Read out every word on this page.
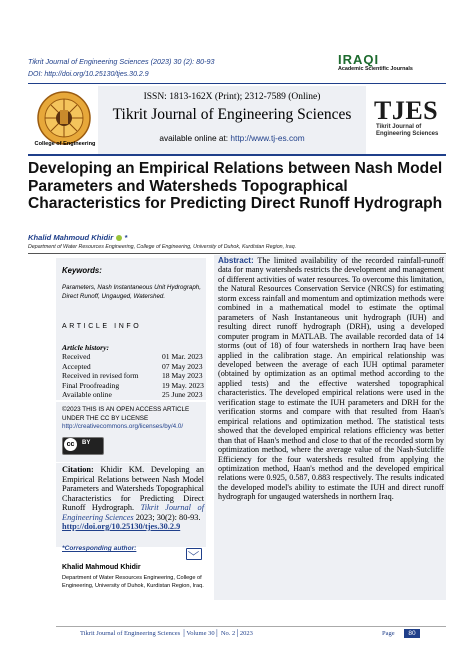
Tikrit Journal of Engineering Sciences (2023) 30 (2): 80-93
DOI: http://doi.org/10.25130/tjes.30.2.9
IRAQI
Academic Scientific Journals
College of Engineering
ISSN: 1813-162X (Print); 2312-7589 (Online)
Tikrit Journal of Engineering Sciences
available online at: http://www.tj-es.com
TJES
Tikrit Journal of Engineering Sciences
Developing an Empirical Relations between Nash Model Parameters and Watersheds Topographical Characteristics for Predicting Direct Runoff Hydrograph
Khalid Mahmoud Khidir *
Department of Water Resources Engineering, College of Engineering, University of Duhok, Kurdistan Region, Iraq.
Keywords:
Parameters, Nash Instantaneous Unit Hydrograph, Direct Runoff, Ungauged, Watershed.
ARTICLE INFO
Article history:
Received	01 Mar. 2023
Accepted	07 May 2023
Received in revised form	18 May 2023
Final Proofreading	19 May. 2023
Available online	25 June 2023
©2023 THIS IS AN OPEN ACCESS ARTICLE UNDER THE CC BY LICENSE
http://creativecommons.org/licenses/by/4.0/
cc	BY
Citation: Khidir KM. Developing an Empirical Relations between Nash Model Parameters and Watersheds Topographical Characteristics for Predicting Direct Runoff Hydrograph. Tikrit Journal of Engineering Sciences 2023; 30(2): 80-93.
http://doi.org/10.25130/tjes.30.2.9
*Corresponding author:
Khalid Mahmoud Khidir
Department of Water Resources Engineering, College of Engineering, University of Duhok, Kurdistan Region, Iraq.
Abstract: The limited availability of the recorded rainfall-runoff data for many watersheds restricts the development and management of different activities of water resources. To overcome this limitation, the Natural Resources Conservation Service (NRCS) for estimating storm excess rainfall and momentum and optimization methods were combined in a mathematical model to estimate the optimal parameters of Nash Instantaneous unit hydrograph (IUH) and resulting direct runoff hydrograph (DRH), using a developed computer program in MATLAB. The available recorded data of 14 storms (out of 18) of four watersheds in northern Iraq have been applied in the calibration stage. An empirical relationship was developed between the average of each IUH optimal parameter (obtained by optimization as an optimal method according to the applied tests) and the effective watershed topographical characteristics. The developed empirical relations were used in the verification stage to estimate the IUH parameters and DRH for the verification storms and compare with that resulted from Haan's empirical relations and optimization method. The statistical tests showed that the developed empirical relations efficiency was better than that of Haan's method and close to that of the recorded storm by optimization method, where the average value of the Nash-Sutcliffe Efficiency for the four watersheds resulted from applying the optimization method, Haan's method and the developed empirical relations were 0.925, 0.587, 0.883 respectively. The results indicated the developed model's ability to estimate the IUH and direct runoff hydrograph for ungauged watersheds in northern Iraq.
Tikrit Journal of Engineering Sciences │Volume 30│ No. 2│2023	Page	80
